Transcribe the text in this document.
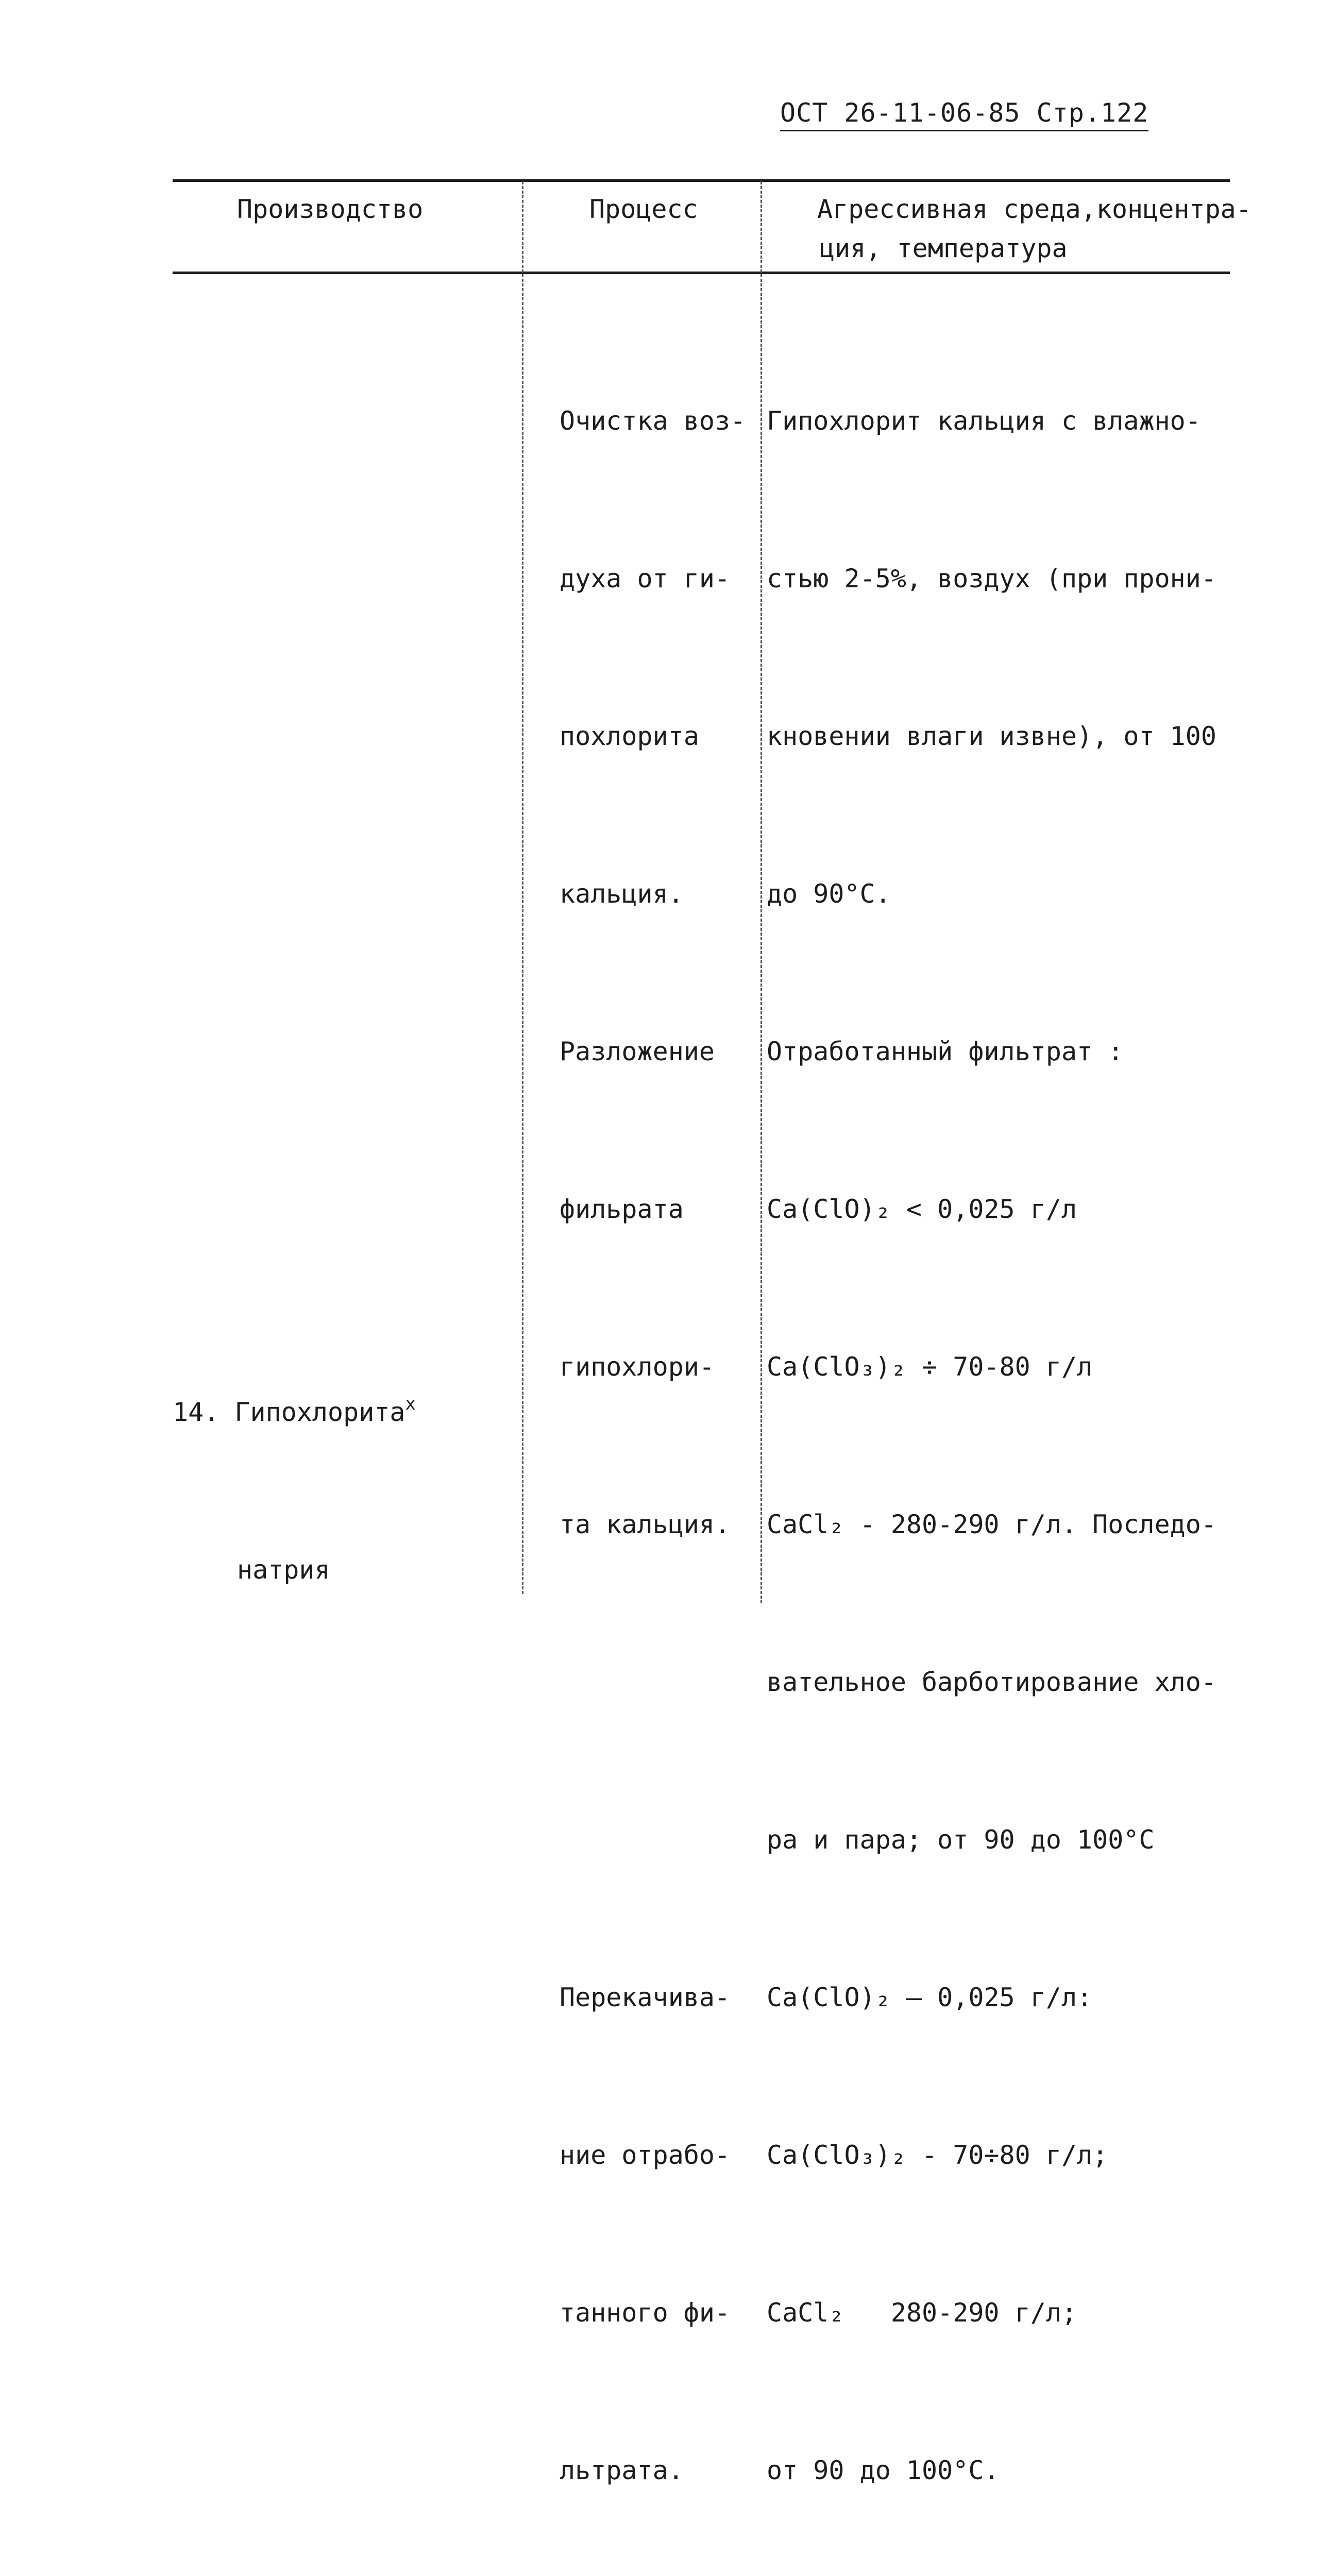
ОСТ 26-11-06-85 Стр.122
Производство	Процесс	Агрессивная среда,концентра-
ция, температура

14. Гипохлорита$^х$

натрия

Очистка воз-

духа от ги-

похлорита

кальция.

Разложение

фильрата

гипохлори-

та кальция.

Перекачива-

ние отрабо-

танного фи-

льтрата.

Гипохлорит кальция с влажно-

стью 2-5%, воздух (при прони-

кновении влаги извне), от 100

до 90°С.

Отработанный фильтрат :

Са(СlО)₂ < 0,025 г/л

Са(СlО₃)₂ ÷ 70-80 г/л

СаCl₂ - 280-290 г/л. Последо-

вательное барботирование хло-

ра и пара; от 90 до 100°С

Са(СlО)₂ — 0,025 г/л:

Са(СlО₃)₂ - 70÷80 г/л;

СаCl₂   280-290 г/л;

от 90 до 100°С.
